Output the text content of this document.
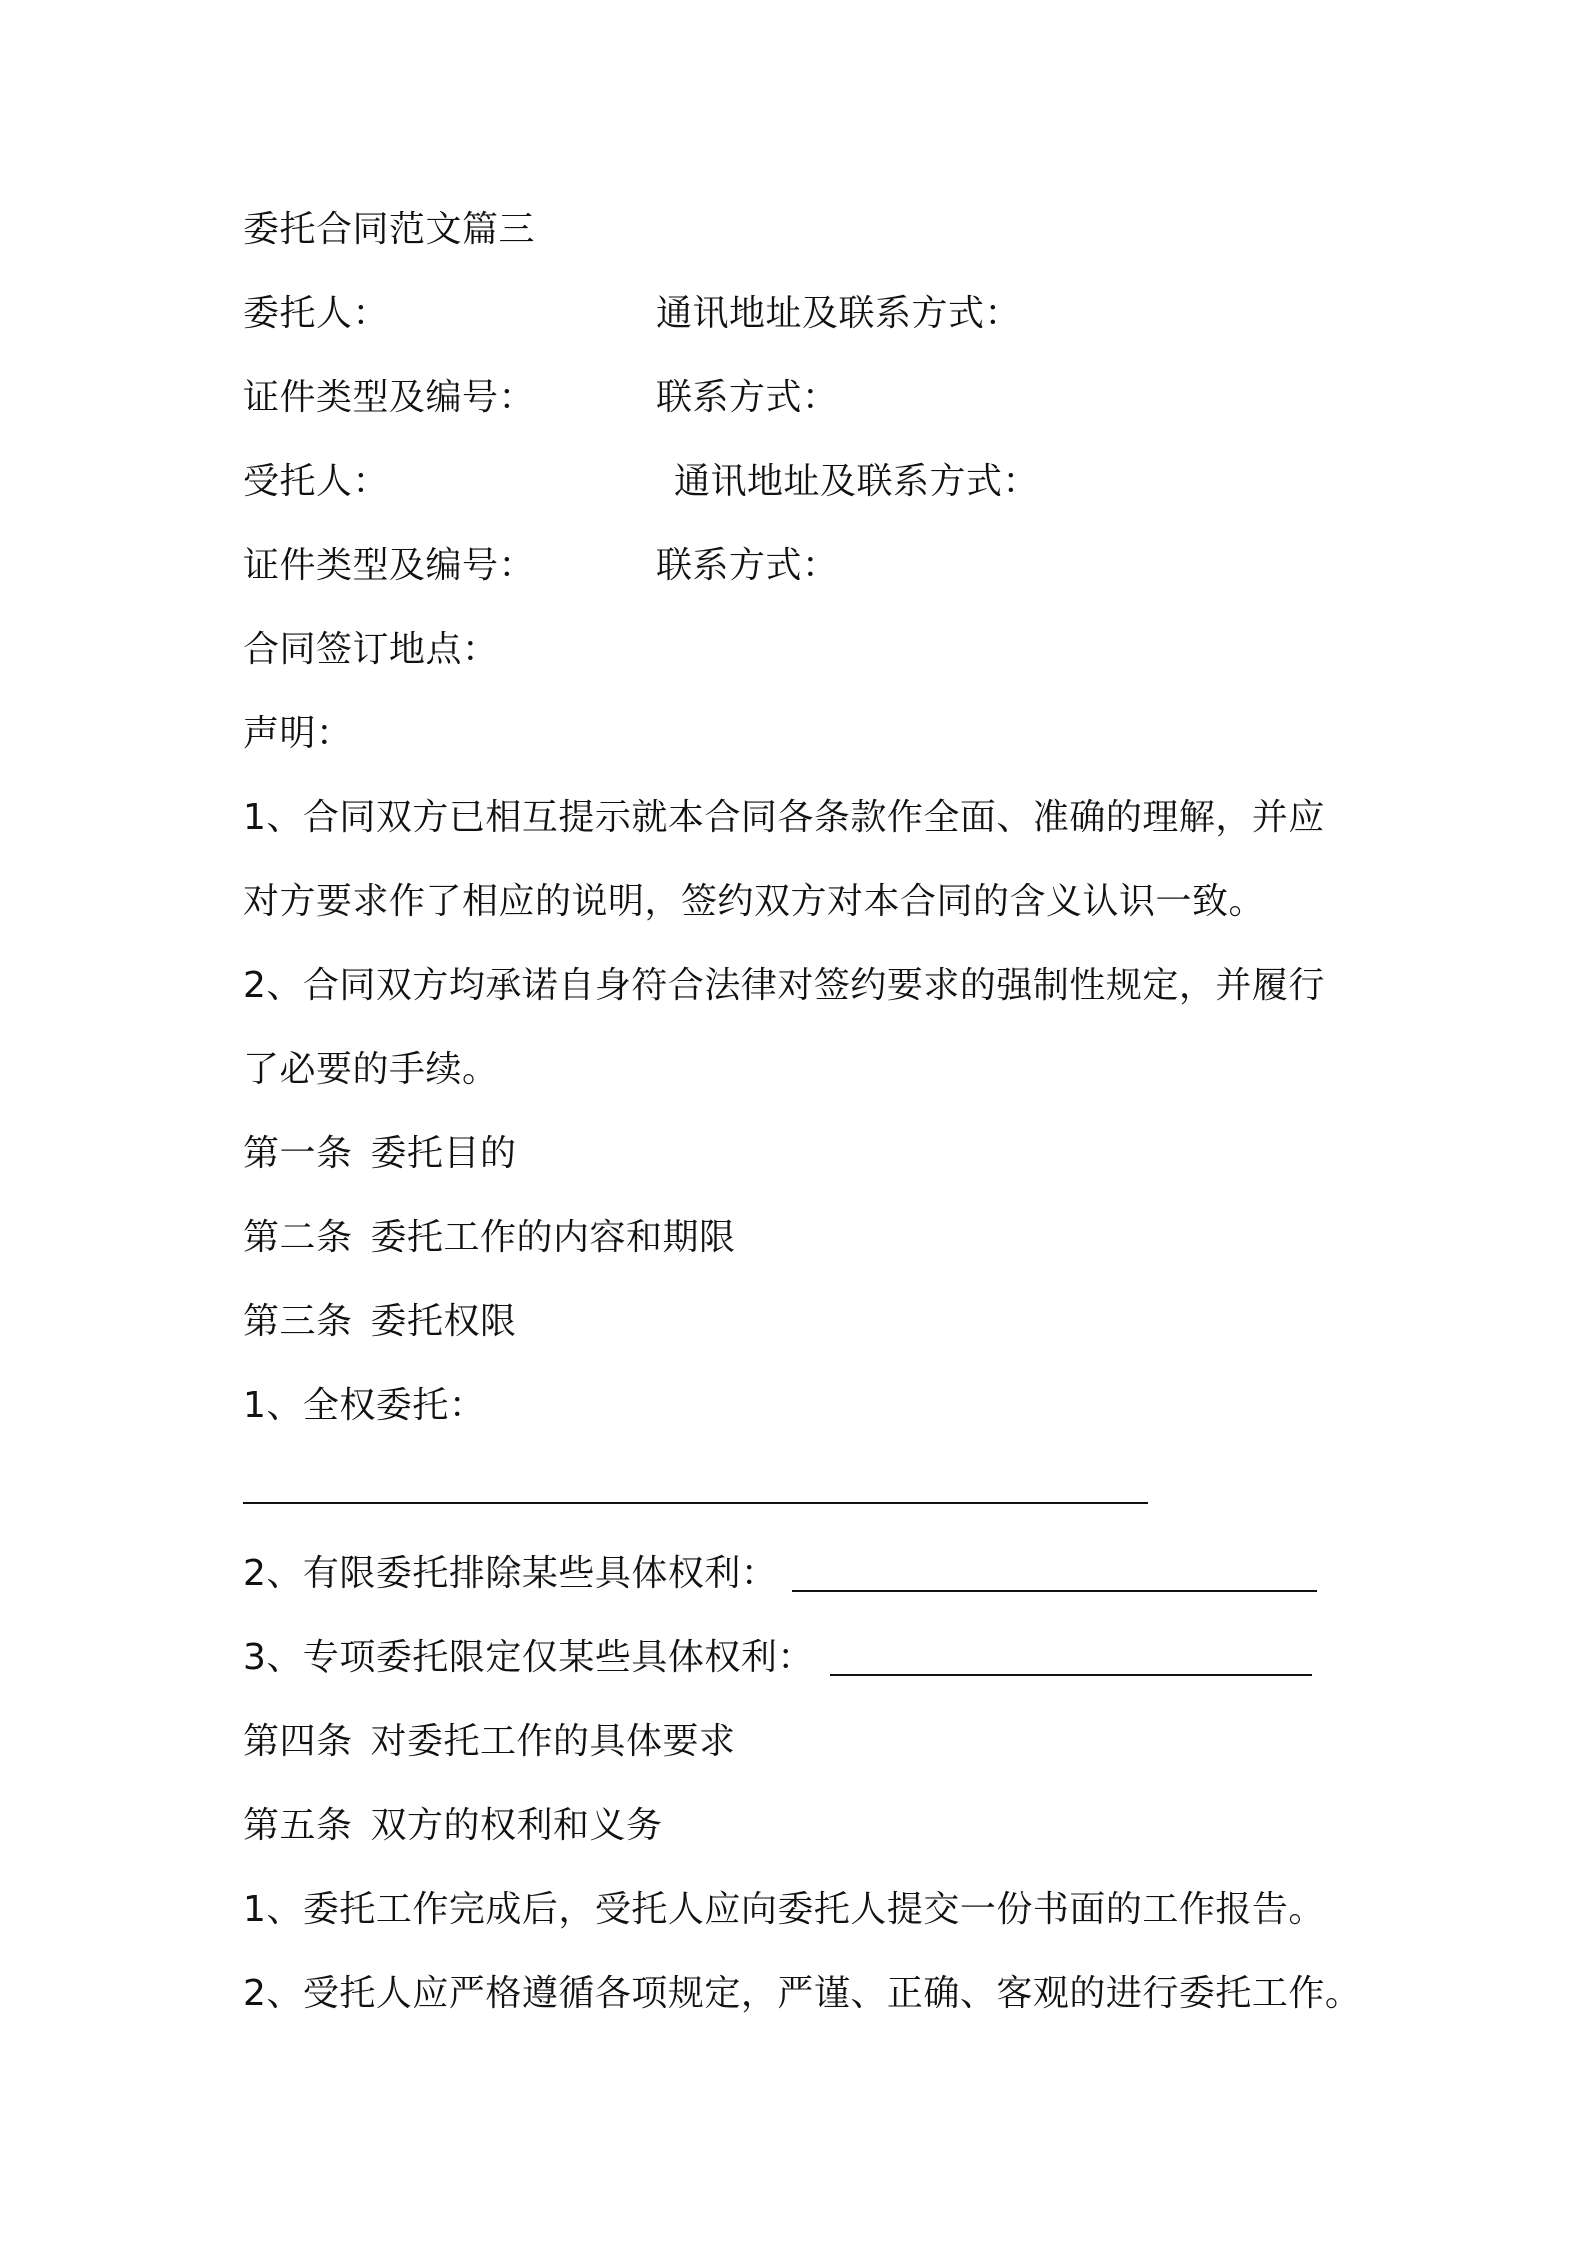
委托合同范文篇三
委托人：	通讯地址及联系方式：
证件类型及编号：	联系方式：
受托人：	通讯地址及联系方式：
证件类型及编号：	联系方式：
合同签订地点：
声明：
1、合同双方已相互提示就本合同各条款作全面、准确的理解，并应
对方要求作了相应的说明，签约双方对本合同的含义认识一致。
2、合同双方均承诺自身符合法律对签约要求的强制性规定，并履行
了必要的手续。
第一条 委托目的
第二条 委托工作的内容和期限
第三条 委托权限
1、全权委托：
2、有限委托排除某些具体权利：
3、专项委托限定仅某些具体权利：
第四条 对委托工作的具体要求
第五条 双方的权利和义务
1、委托工作完成后，受托人应向委托人提交一份书面的工作报告。
2、受托人应严格遵循各项规定，严谨、正确、客观的进行委托工作。
